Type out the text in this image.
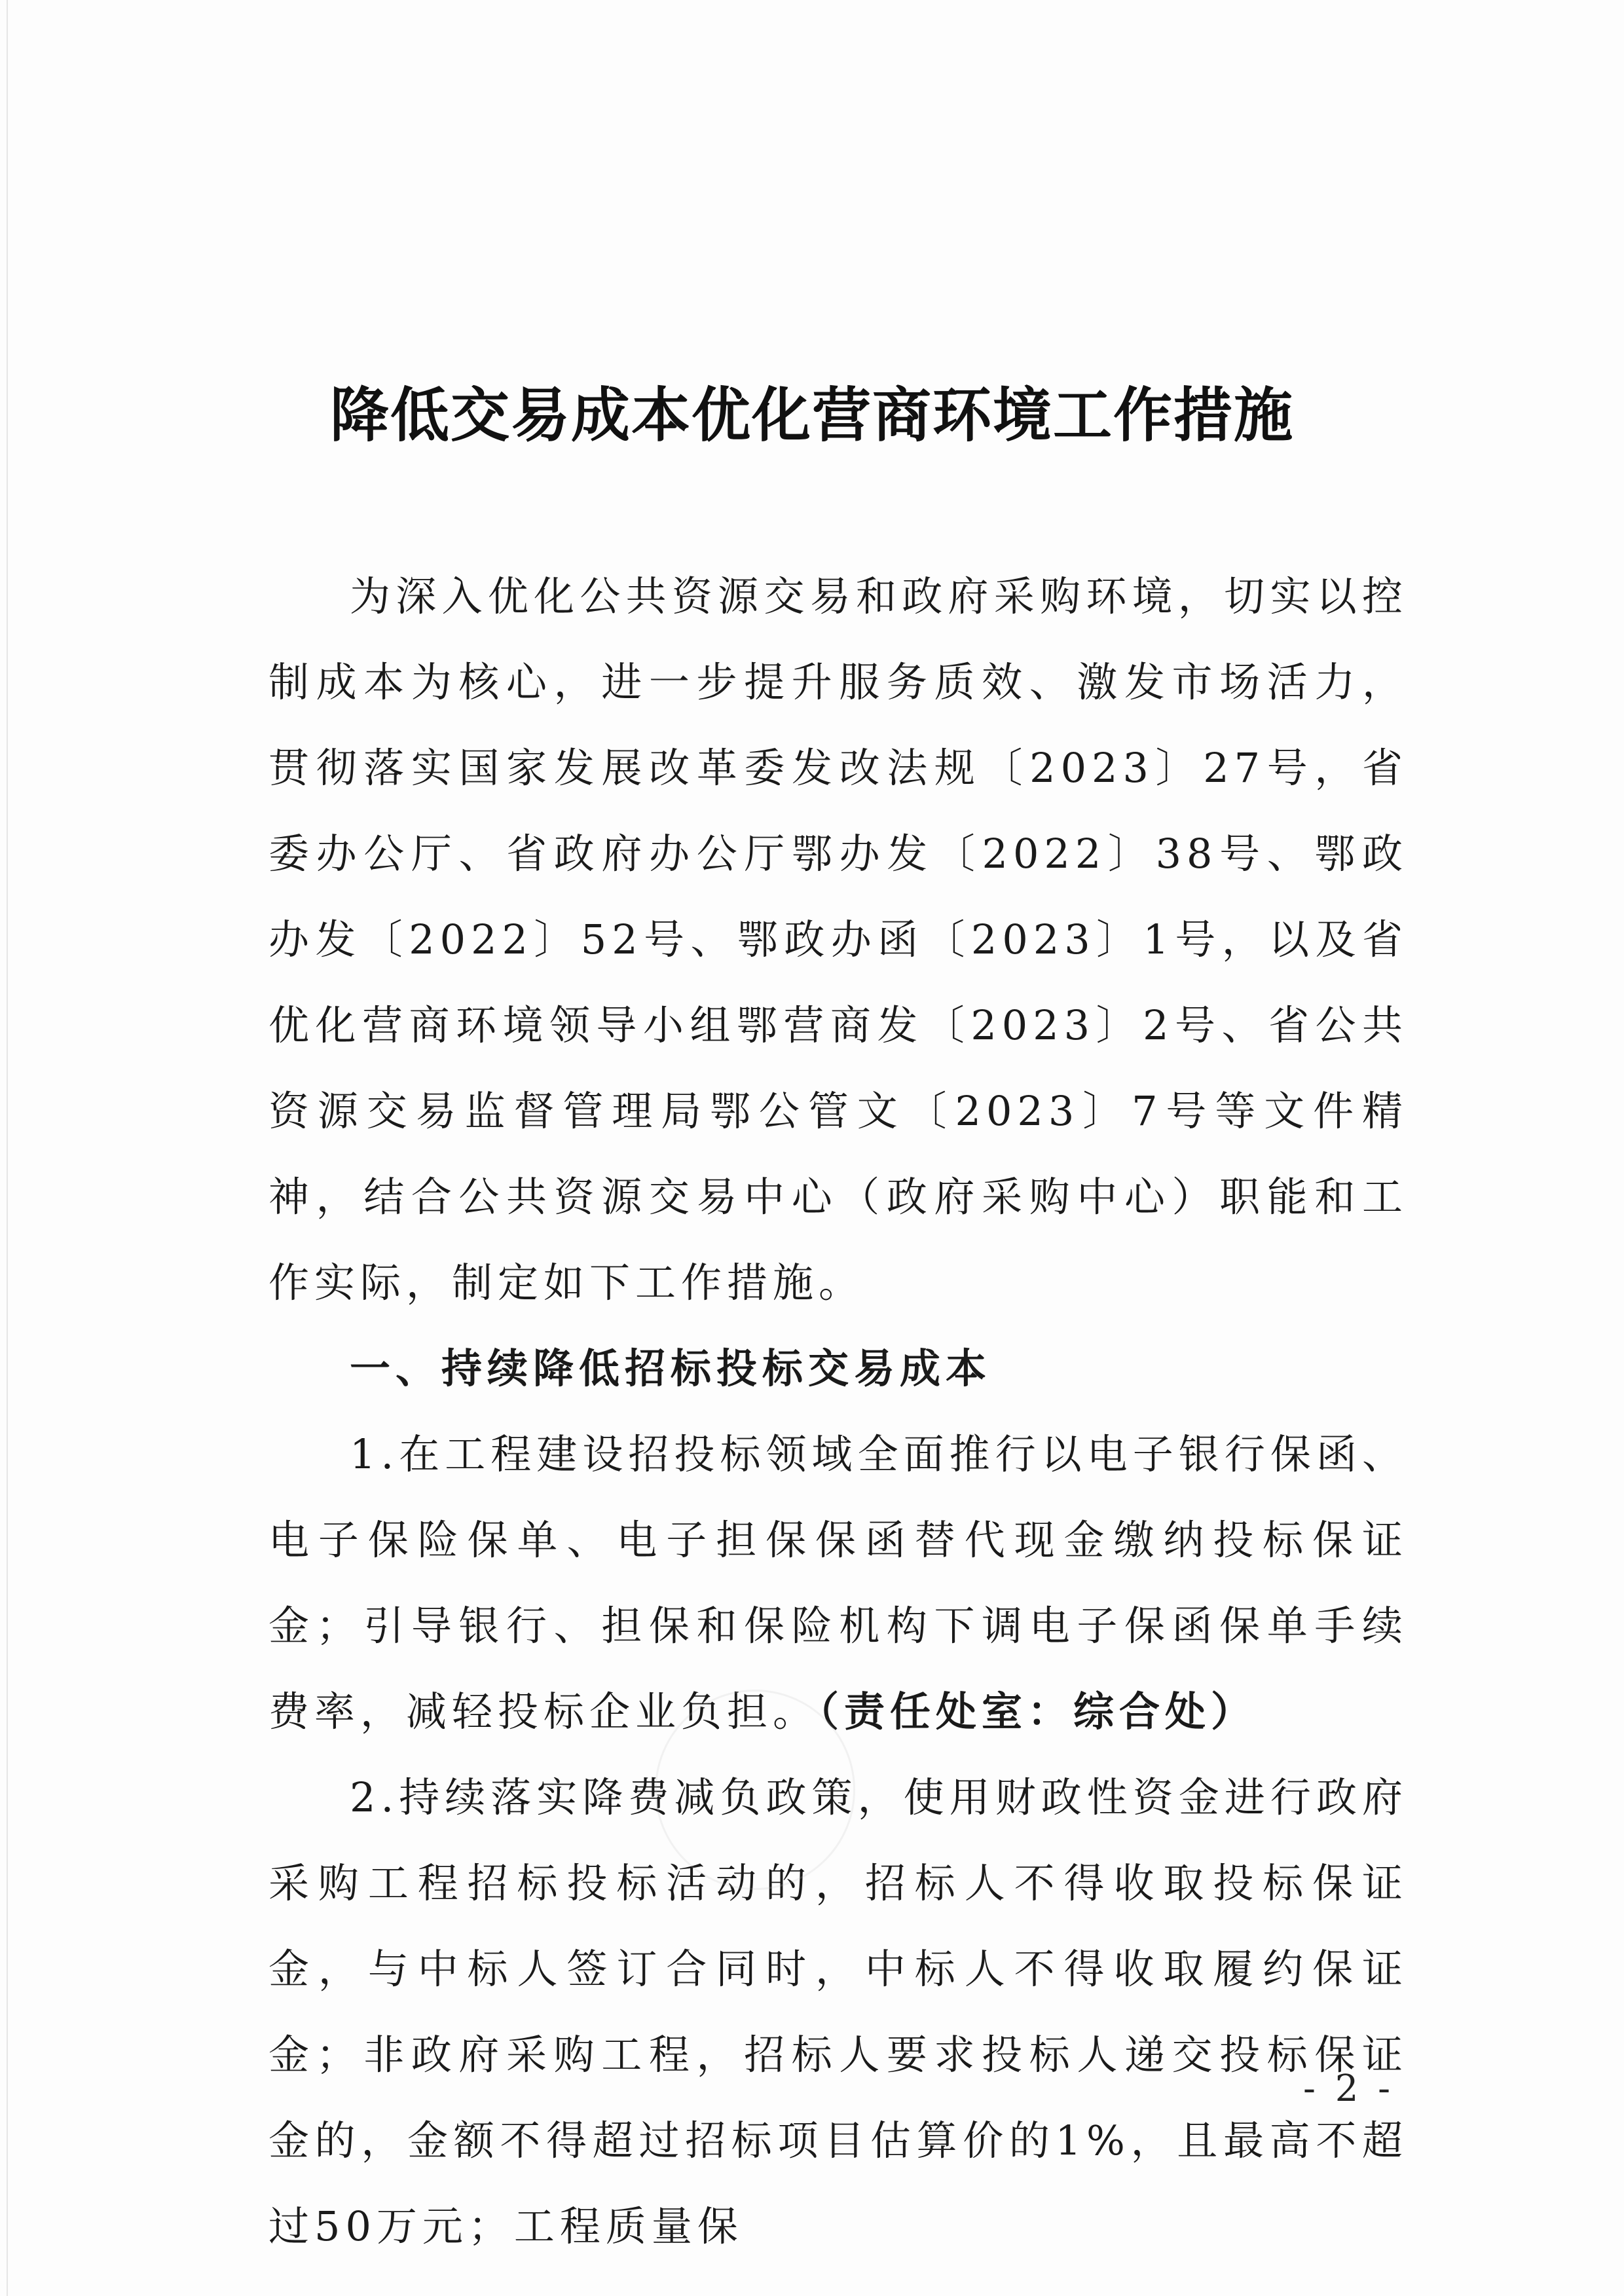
降低交易成本优化营商环境工作措施

为深入优化公共资源交易和政府采购环境，切实以控制成本为核心，进一步提升服务质效、激发市场活力，贯彻落实国家发展改革委发改法规〔2023〕27号，省委办公厅、省政府办公厅鄂办发〔2022〕38号、鄂政办发〔2022〕52号、鄂政办函〔2023〕1号，以及省优化营商环境领导小组鄂营商发〔2023〕2号、省公共资源交易监督管理局鄂公管文〔2023〕7号等文件精神，结合公共资源交易中心（政府采购中心）职能和工作实际，制定如下工作措施。

一、持续降低招标投标交易成本

1.在工程建设招投标领域全面推行以电子银行保函、电子保险保单、电子担保保函替代现金缴纳投标保证金；引导银行、担保和保险机构下调电子保函保单手续费率，减轻投标企业负担。（责任处室：综合处）

2.持续落实降费减负政策，使用财政性资金进行政府采购工程招标投标活动的，招标人不得收取投标保证金，与中标人签订合同时，中标人不得收取履约保证金；非政府采购工程，招标人要求投标人递交投标保证金的，金额不得超过招标项目估算价的1%，且最高不超过50万元；工程质量保

- 2 -
